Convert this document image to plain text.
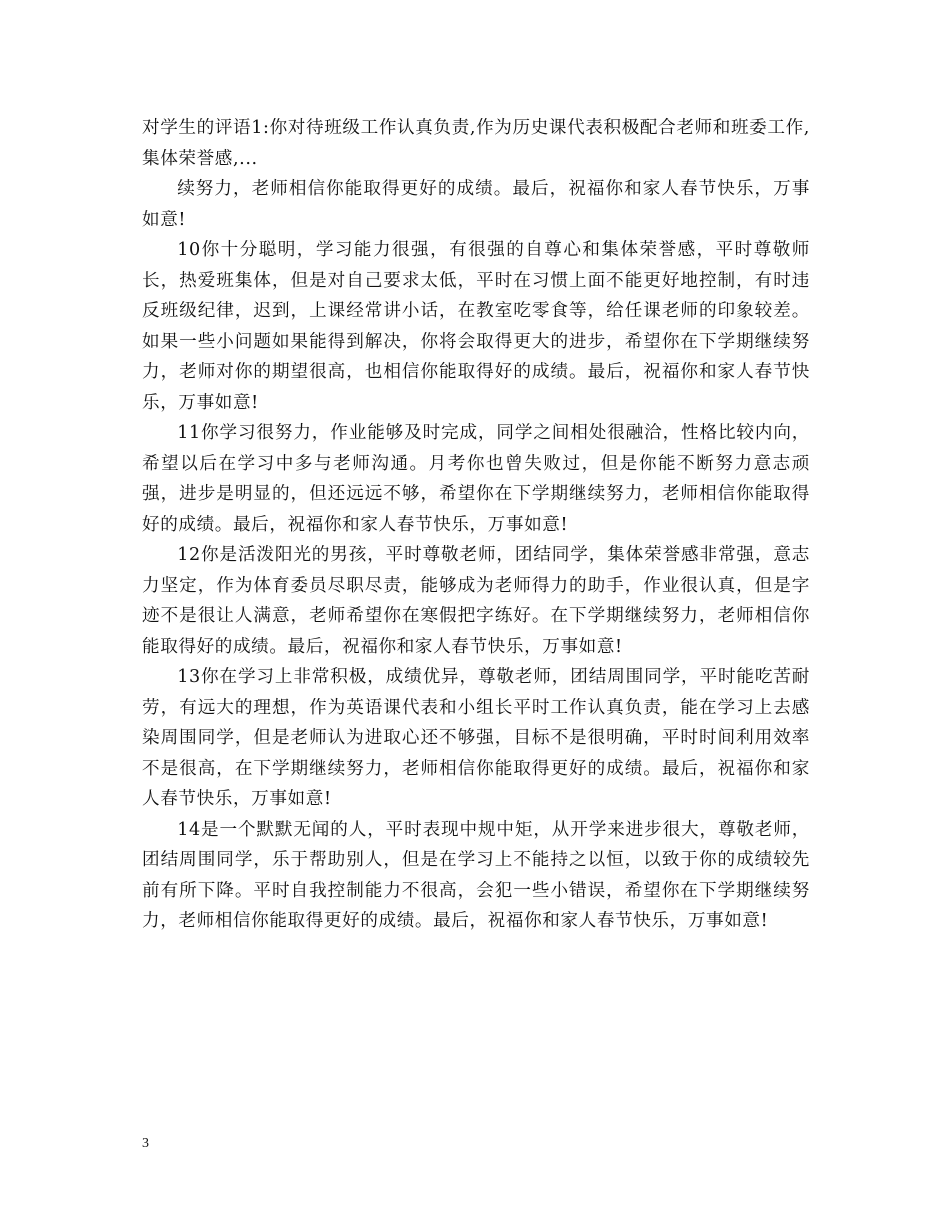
对学生的评语1:你对待班级工作认真负责,作为历史课代表积极配合老师和班委工作,集体荣誉感,...

续努力，老师相信你能取得更好的成绩。最后，祝福你和家人春节快乐，万事如意!

10你十分聪明，学习能力很强，有很强的自尊心和集体荣誉感，平时尊敬师长，热爱班集体，但是对自己要求太低，平时在习惯上面不能更好地控制，有时违反班级纪律，迟到，上课经常讲小话，在教室吃零食等，给任课老师的印象较差。如果一些小问题如果能得到解决，你将会取得更大的进步，希望你在下学期继续努力，老师对你的期望很高，也相信你能取得好的成绩。最后，祝福你和家人春节快乐，万事如意!

11你学习很努力，作业能够及时完成，同学之间相处很融洽，性格比较内向，希望以后在学习中多与老师沟通。月考你也曾失败过，但是你能不断努力意志顽强，进步是明显的，但还远远不够，希望你在下学期继续努力，老师相信你能取得好的成绩。最后，祝福你和家人春节快乐，万事如意!

12你是活泼阳光的男孩，平时尊敬老师，团结同学，集体荣誉感非常强，意志力坚定，作为体育委员尽职尽责，能够成为老师得力的助手，作业很认真，但是字迹不是很让人满意，老师希望你在寒假把字练好。在下学期继续努力，老师相信你能取得好的成绩。最后，祝福你和家人春节快乐，万事如意!

13你在学习上非常积极，成绩优异，尊敬老师，团结周围同学，平时能吃苦耐劳，有远大的理想，作为英语课代表和小组长平时工作认真负责，能在学习上去感染周围同学，但是老师认为进取心还不够强，目标不是很明确，平时时间利用效率不是很高，在下学期继续努力，老师相信你能取得更好的成绩。最后，祝福你和家人春节快乐，万事如意!

14是一个默默无闻的人，平时表现中规中矩，从开学来进步很大，尊敬老师，团结周围同学，乐于帮助别人，但是在学习上不能持之以恒，以致于你的成绩较先前有所下降。平时自我控制能力不很高，会犯一些小错误，希望你在下学期继续努力，老师相信你能取得更好的成绩。最后，祝福你和家人春节快乐，万事如意!

3
